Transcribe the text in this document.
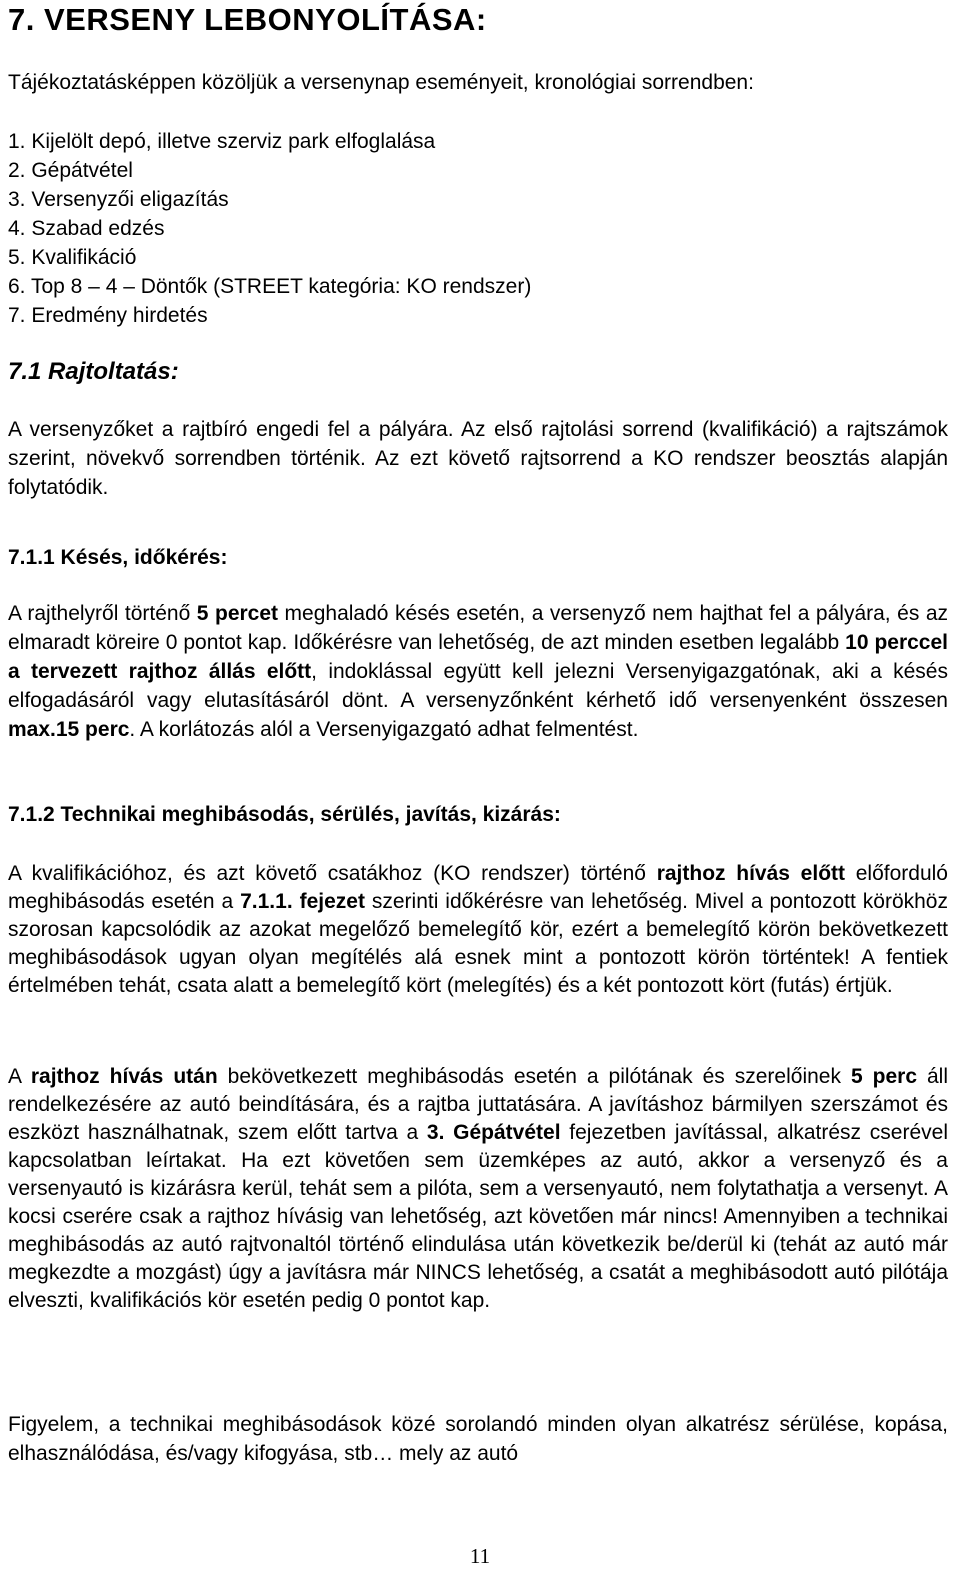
7. VERSENY LEBONYOLÍTÁSA:

Tájékoztatásképpen közöljük a versenynap eseményeit, kronológiai sorrendben:

1. Kijelölt depó, illetve szerviz park elfoglalása
2. Gépátvétel
3. Versenyzői eligazítás
4. Szabad edzés
5. Kvalifikáció
6. Top 8 – 4 – Döntők (STREET kategória: KO rendszer)
7. Eredmény hirdetés
7.1 Rajtoltatás:

A versenyzőket a rajtbíró engedi fel a pályára. Az első rajtolási sorrend (kvalifikáció) a rajtszámok szerint, növekvő sorrendben történik. Az ezt követő rajtsorrend a KO rendszer beosztás alapján folytatódik.

7.1.1 Késés, időkérés:

A rajthelyről történő 5 percet meghaladó késés esetén, a versenyző nem hajthat fel a pályára, és az elmaradt köreire 0 pontot kap. Időkérésre van lehetőség, de azt minden esetben legalább 10 perccel a tervezett rajthoz állás előtt, indoklással együtt kell jelezni Versenyigazgatónak, aki a késés elfogadásáról vagy elutasításáról dönt. A versenyzőnként kérhető idő versenyenként összesen max.15 perc. A korlátozás alól a Versenyigazgató adhat felmentést.

7.1.2 Technikai meghibásodás, sérülés, javítás, kizárás:

A kvalifikációhoz, és azt követő csatákhoz (KO rendszer) történő rajthoz hívás előtt előforduló meghibásodás esetén a 7.1.1. fejezet szerinti időkérésre van lehetőség. Mivel a pontozott körökhöz szorosan kapcsolódik az azokat megelőző bemelegítő kör, ezért a bemelegítő körön bekövetkezett meghibásodások ugyan olyan megítélés alá esnek mint a pontozott körön történtek! A fentiek értelmében tehát, csata alatt a bemelegítő kört (melegítés) és a két pontozott kört (futás) értjük.

A rajthoz hívás után bekövetkezett meghibásodás esetén a pilótának és szerelőinek 5 perc áll rendelkezésére az autó beindítására, és a rajtba juttatására. A javításhoz bármilyen szerszámot és eszközt használhatnak, szem előtt tartva a 3. Gépátvétel fejezetben javítással, alkatrész cserével kapcsolatban leírtakat. Ha ezt követően sem üzemképes az autó, akkor a versenyző és a versenyautó is kizárásra kerül, tehát sem a pilóta, sem a versenyautó, nem folytathatja a versenyt. A kocsi cserére csak a rajthoz hívásig van lehetőség, azt követően már nincs! Amennyiben a technikai meghibásodás az autó rajtvonaltól történő elindulása után következik be/derül ki (tehát az autó már megkezdte a mozgást) úgy a javításra már NINCS lehetőség, a csatát a meghibásodott autó pilótája elveszti, kvalifikációs kör esetén pedig 0 pontot kap.

Figyelem, a technikai meghibásodások közé sorolandó minden olyan alkatrész sérülése, kopása, elhasználódása, és/vagy kifogyása, stb… mely az autó

11
